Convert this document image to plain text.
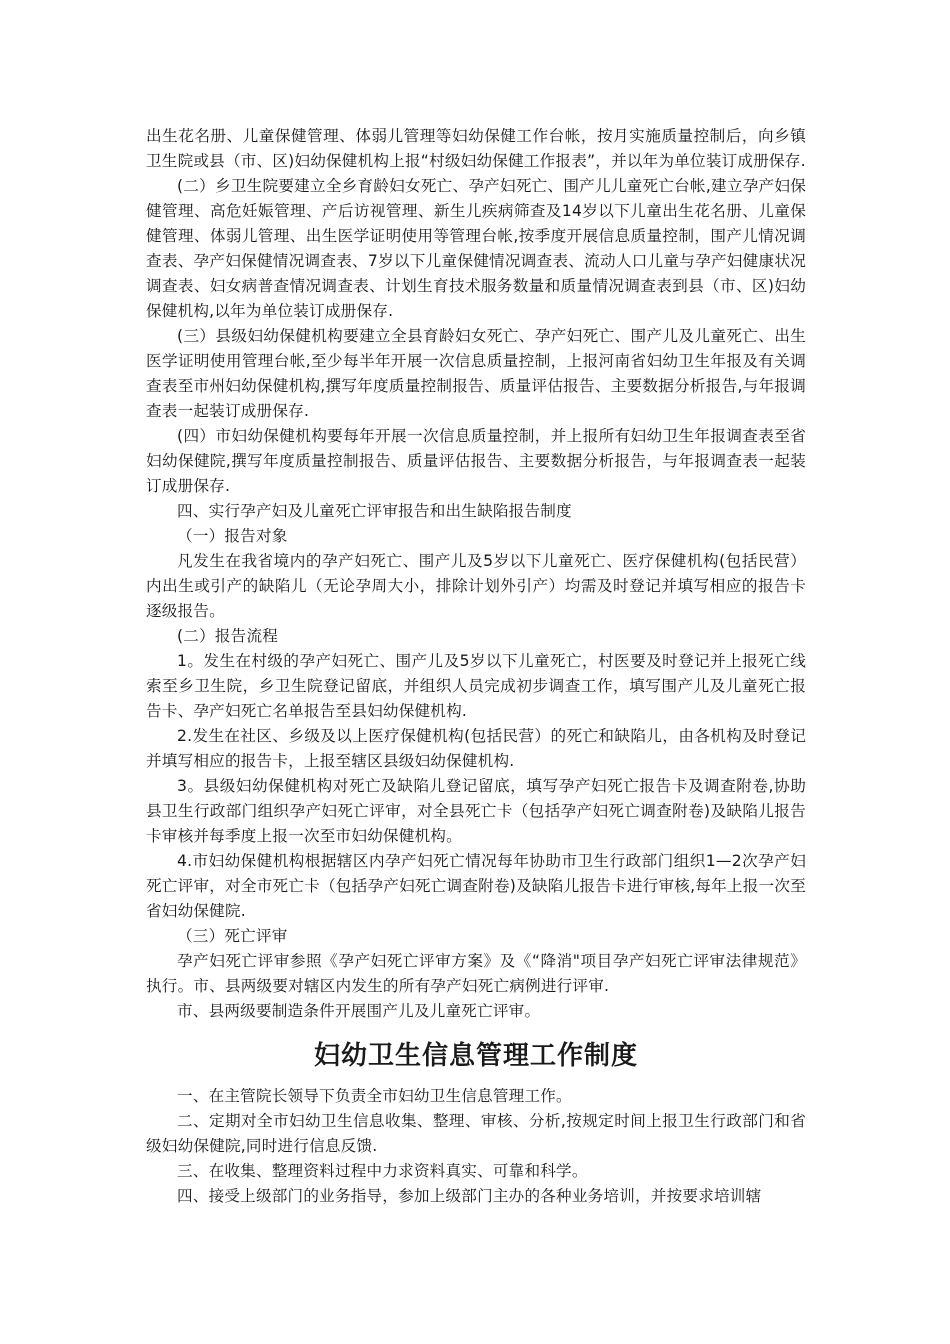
出生花名册、儿童保健管理、体弱儿管理等妇幼保健工作台帐，按月实施质量控制后，向乡镇卫生院或县（市、区)妇幼保健机构上报“村级妇幼保健工作报表”，并以年为单位装订成册保存.

(二）乡卫生院要建立全乡育龄妇女死亡、孕产妇死亡、围产儿儿童死亡台帐,建立孕产妇保健管理、高危妊娠管理、产后访视管理、新生儿疾病筛查及14岁以下儿童出生花名册、儿童保健管理、体弱儿管理、出生医学证明使用等管理台帐,按季度开展信息质量控制，围产儿情况调查表、孕产妇保健情况调查表、7岁以下儿童保健情况调查表、流动人口儿童与孕产妇健康状况调查表、妇女病普查情况调查表、计划生育技术服务数量和质量情况调查表到县（市、区)妇幼保健机构,以年为单位装订成册保存.

(三）县级妇幼保健机构要建立全县育龄妇女死亡、孕产妇死亡、围产儿及儿童死亡、出生医学证明使用管理台帐,至少每半年开展一次信息质量控制，上报河南省妇幼卫生年报及有关调查表至市州妇幼保健机构,撰写年度质量控制报告、质量评估报告、主要数据分析报告,与年报调查表一起装订成册保存.

(四）市妇幼保健机构要每年开展一次信息质量控制，并上报所有妇幼卫生年报调查表至省妇幼保健院,撰写年度质量控制报告、质量评估报告、主要数据分析报告，与年报调查表一起装订成册保存.

四、实行孕产妇及儿童死亡评审报告和出生缺陷报告制度

（一）报告对象

凡发生在我省境内的孕产妇死亡、围产儿及5岁以下儿童死亡、医疗保健机构(包括民营）内出生或引产的缺陷儿（无论孕周大小，排除计划外引产）均需及时登记并填写相应的报告卡逐级报告。

(二）报告流程

1。发生在村级的孕产妇死亡、围产儿及5岁以下儿童死亡，村医要及时登记并上报死亡线索至乡卫生院，乡卫生院登记留底，并组织人员完成初步调查工作，填写围产儿及儿童死亡报告卡、孕产妇死亡名单报告至县妇幼保健机构.

2.发生在社区、乡级及以上医疗保健机构(包括民营）的死亡和缺陷儿，由各机构及时登记并填写相应的报告卡，上报至辖区县级妇幼保健机构.

3。县级妇幼保健机构对死亡及缺陷儿登记留底，填写孕产妇死亡报告卡及调查附卷,协助县卫生行政部门组织孕产妇死亡评审，对全县死亡卡（包括孕产妇死亡调查附卷)及缺陷儿报告卡审核并每季度上报一次至市妇幼保健机构。

4.市妇幼保健机构根据辖区内孕产妇死亡情况每年协助市卫生行政部门组织1—2次孕产妇死亡评审，对全市死亡卡（包括孕产妇死亡调查附卷)及缺陷儿报告卡进行审核,每年上报一次至省妇幼保健院.

（三）死亡评审

孕产妇死亡评审参照《孕产妇死亡评审方案》及《“降消"项目孕产妇死亡评审法律规范》执行。市、县两级要对辖区内发生的所有孕产妇死亡病例进行评审.

市、县两级要制造条件开展围产儿及儿童死亡评审。

妇幼卫生信息管理工作制度

一、在主管院长领导下负责全市妇幼卫生信息管理工作。

二、定期对全市妇幼卫生信息收集、整理、审核、分析,按规定时间上报卫生行政部门和省级妇幼保健院,同时进行信息反馈.

三、在收集、整理资料过程中力求资料真实、可靠和科学。

四、接受上级部门的业务指导，参加上级部门主办的各种业务培训，并按要求培训辖
